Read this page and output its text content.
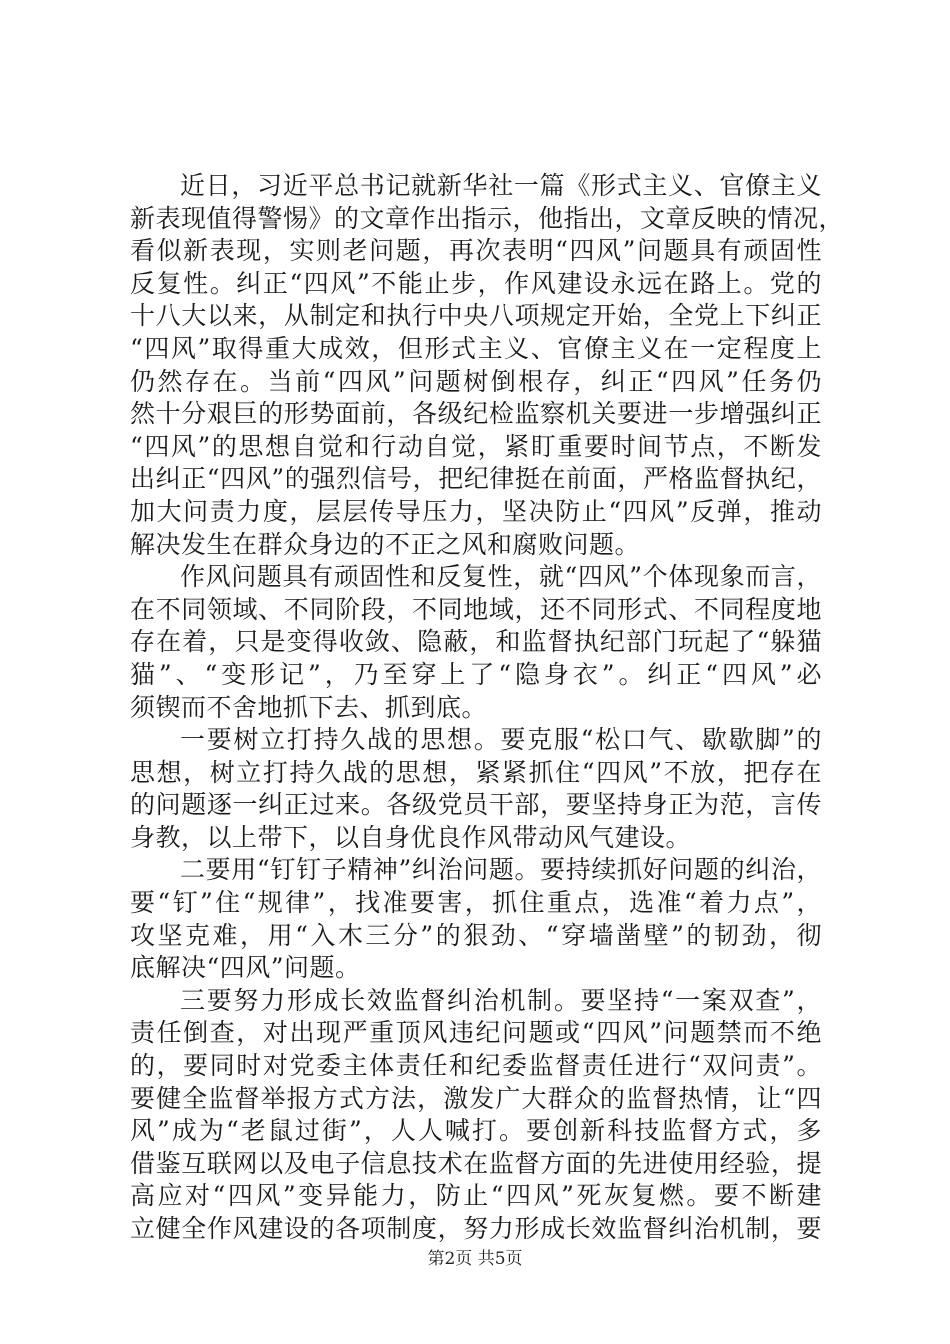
近日，习近平总书记就新华社一篇《形式主义、官僚主义
新表现值得警惕》的文章作出指示，他指出，文章反映的情况，
看似新表现，实则老问题，再次表明“四风”问题具有顽固性
反复性。纠正“四风”不能止步，作风建设永远在路上。党的
十八大以来，从制定和执行中央八项规定开始，全党上下纠正
“四风”取得重大成效，但形式主义、官僚主义在一定程度上
仍然存在。当前“四风”问题树倒根存，纠正“四风”任务仍
然十分艰巨的形势面前，各级纪检监察机关要进一步增强纠正
“四风”的思想自觉和行动自觉，紧盯重要时间节点，不断发
出纠正“四风”的强烈信号，把纪律挺在前面，严格监督执纪，
加大问责力度，层层传导压力，坚决防止“四风”反弹，推动
解决发生在群众身边的不正之风和腐败问题。
作风问题具有顽固性和反复性，就“四风”个体现象而言，
在不同领域、不同阶段，不同地域，还不同形式、不同程度地
存在着，只是变得收敛、隐蔽，和监督执纪部门玩起了“躲猫
猫”、“变形记”，乃至穿上了“隐身衣”。纠正“四风”必
须锲而不舍地抓下去、抓到底。
一要树立打持久战的思想。要克服“松口气、歇歇脚”的
思想，树立打持久战的思想，紧紧抓住“四风”不放，把存在
的问题逐一纠正过来。各级党员干部，要坚持身正为范，言传
身教，以上带下，以自身优良作风带动风气建设。
二要用“钉钉子精神”纠治问题。要持续抓好问题的纠治，
要“钉”住“规律”，找准要害，抓住重点，选准“着力点”，
攻坚克难，用“入木三分”的狠劲、“穿墙凿壁”的韧劲，彻
底解决“四风”问题。
三要努力形成长效监督纠治机制。要坚持“一案双查”，
责任倒查，对出现严重顶风违纪问题或“四风”问题禁而不绝
的，要同时对党委主体责任和纪委监督责任进行“双问责”。
要健全监督举报方式方法，激发广大群众的监督热情，让“四
风”成为“老鼠过街”，人人喊打。要创新科技监督方式，多
借鉴互联网以及电子信息技术在监督方面的先进使用经验，提
高应对“四风”变异能力，防止“四风”死灰复燃。要不断建
立健全作风建设的各项制度，努力形成长效监督纠治机制，要
第2页 共5页
